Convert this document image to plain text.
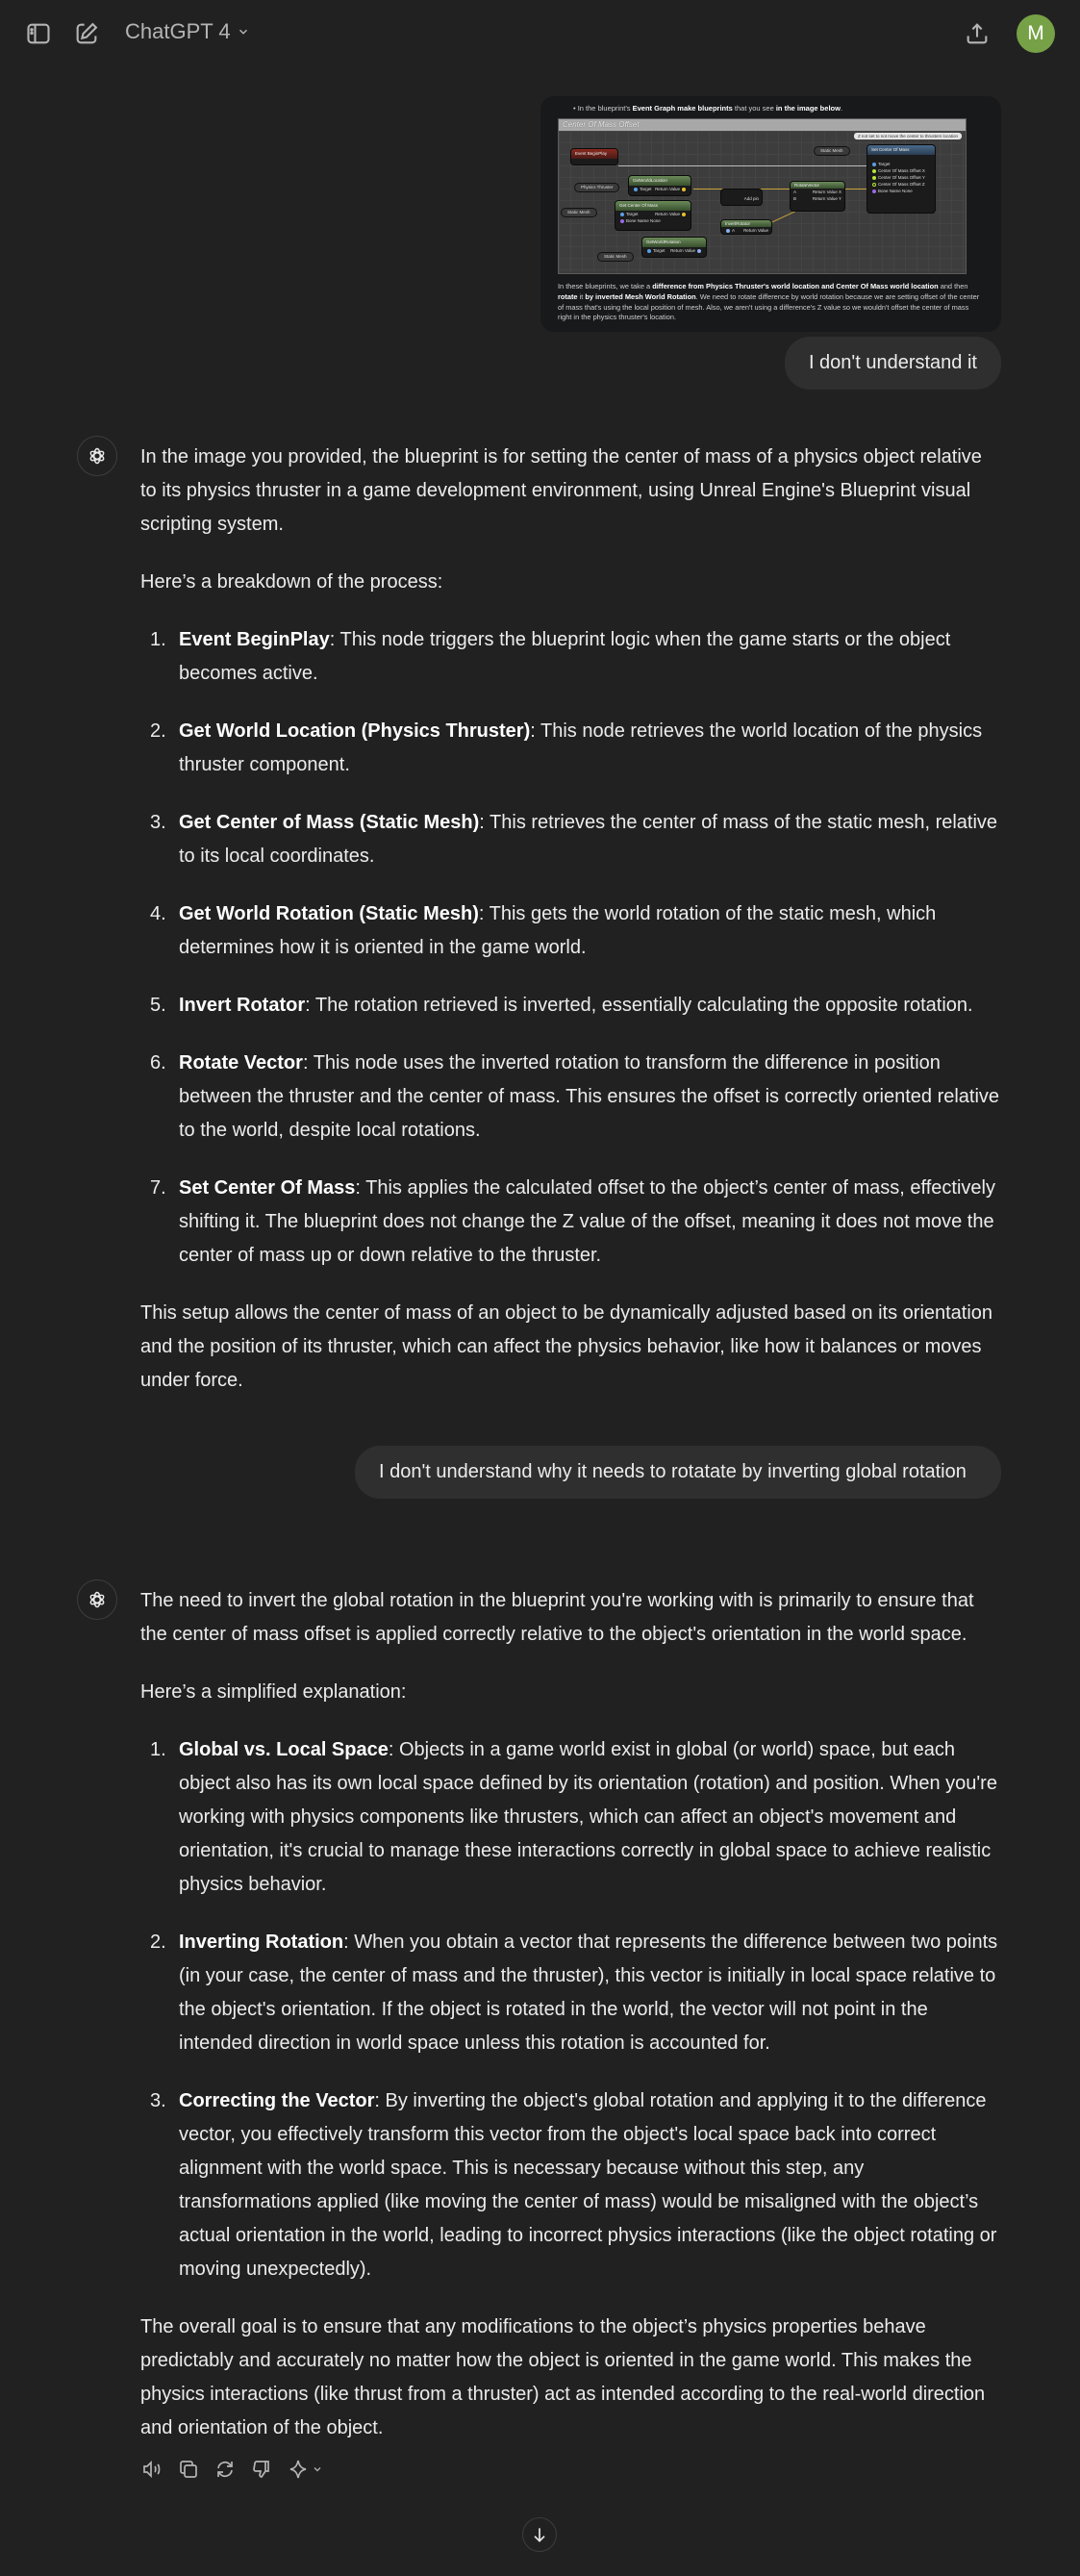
ChatGPT 4	M
• In the blueprint's Event Graph make blueprints that you see in the image below.
Center Of Mass Offset
Z not set to not move the center to thrusters location
Event BeginPlay
Physics Thruster
Static Mesh
Static Mesh
Static Mesh
GetWorldLocation
Target Return Value
Get Center Of Mass
Target	Return Value
Bone Name None
GetWorldRotation
Target Return Value
Add pin
InvertRotator
A Return Value
RotateVector
A	Return Value X
B	Return Value Y
Set Center Of Mass
Target
Center Of Mass Offset X
Center Of Mass Offset Y
Center Of Mass Offset Z
Bone Name None
In these blueprints, we take a difference from Physics Thruster's world location and Center Of Mass world location and then rotate it by inverted Mesh World Rotation. We need to rotate difference by world rotation because we are setting offset of the center of mass that's using the local position of mesh. Also, we aren't using a difference's Z value so we wouldn't offset the center of mass right in the physics thruster's location.
I don't understand it

In the image you provided, the blueprint is for setting the center of mass of a physics object relative to its physics thruster in a game development environment, using Unreal Engine's Blueprint visual scripting system.

Here’s a breakdown of the process:

1. Event BeginPlay: This node triggers the blueprint logic when the game starts or the object becomes active.
2. Get World Location (Physics Thruster): This node retrieves the world location of the physics thruster component.
3. Get Center of Mass (Static Mesh): This retrieves the center of mass of the static mesh, relative to its local coordinates.
4. Get World Rotation (Static Mesh): This gets the world rotation of the static mesh, which determines how it is oriented in the game world.
5. Invert Rotator: The rotation retrieved is inverted, essentially calculating the opposite rotation.
6. Rotate Vector: This node uses the inverted rotation to transform the difference in position between the thruster and the center of mass. This ensures the offset is correctly oriented relative to the world, despite local rotations.
7. Set Center Of Mass: This applies the calculated offset to the object’s center of mass, effectively shifting it. The blueprint does not change the Z value of the offset, meaning it does not move the center of mass up or down relative to the thruster.

This setup allows the center of mass of an object to be dynamically adjusted based on its orientation and the position of its thruster, which can affect the physics behavior, like how it balances or moves under force.

I don't understand why it needs to rotatate by inverting global rotation

The need to invert the global rotation in the blueprint you're working with is primarily to ensure that the center of mass offset is applied correctly relative to the object's orientation in the world space.

Here’s a simplified explanation:

1. Global vs. Local Space: Objects in a game world exist in global (or world) space, but each object also has its own local space defined by its orientation (rotation) and position. When you're working with physics components like thrusters, which can affect an object's movement and orientation, it's crucial to manage these interactions correctly in global space to achieve realistic physics behavior.
2. Inverting Rotation: When you obtain a vector that represents the difference between two points (in your case, the center of mass and the thruster), this vector is initially in local space relative to the object's orientation. If the object is rotated in the world, the vector will not point in the intended direction in world space unless this rotation is accounted for.
3. Correcting the Vector: By inverting the object's global rotation and applying it to the difference vector, you effectively transform this vector from the object's local space back into correct alignment with the world space. This is necessary because without this step, any transformations applied (like moving the center of mass) would be misaligned with the object’s actual orientation in the world, leading to incorrect physics interactions (like the object rotating or moving unexpectedly).

The overall goal is to ensure that any modifications to the object’s physics properties behave predictably and accurately no matter how the object is oriented in the game world. This makes the physics interactions (like thrust from a thruster) act as intended according to the real-world direction and orientation of the object.
